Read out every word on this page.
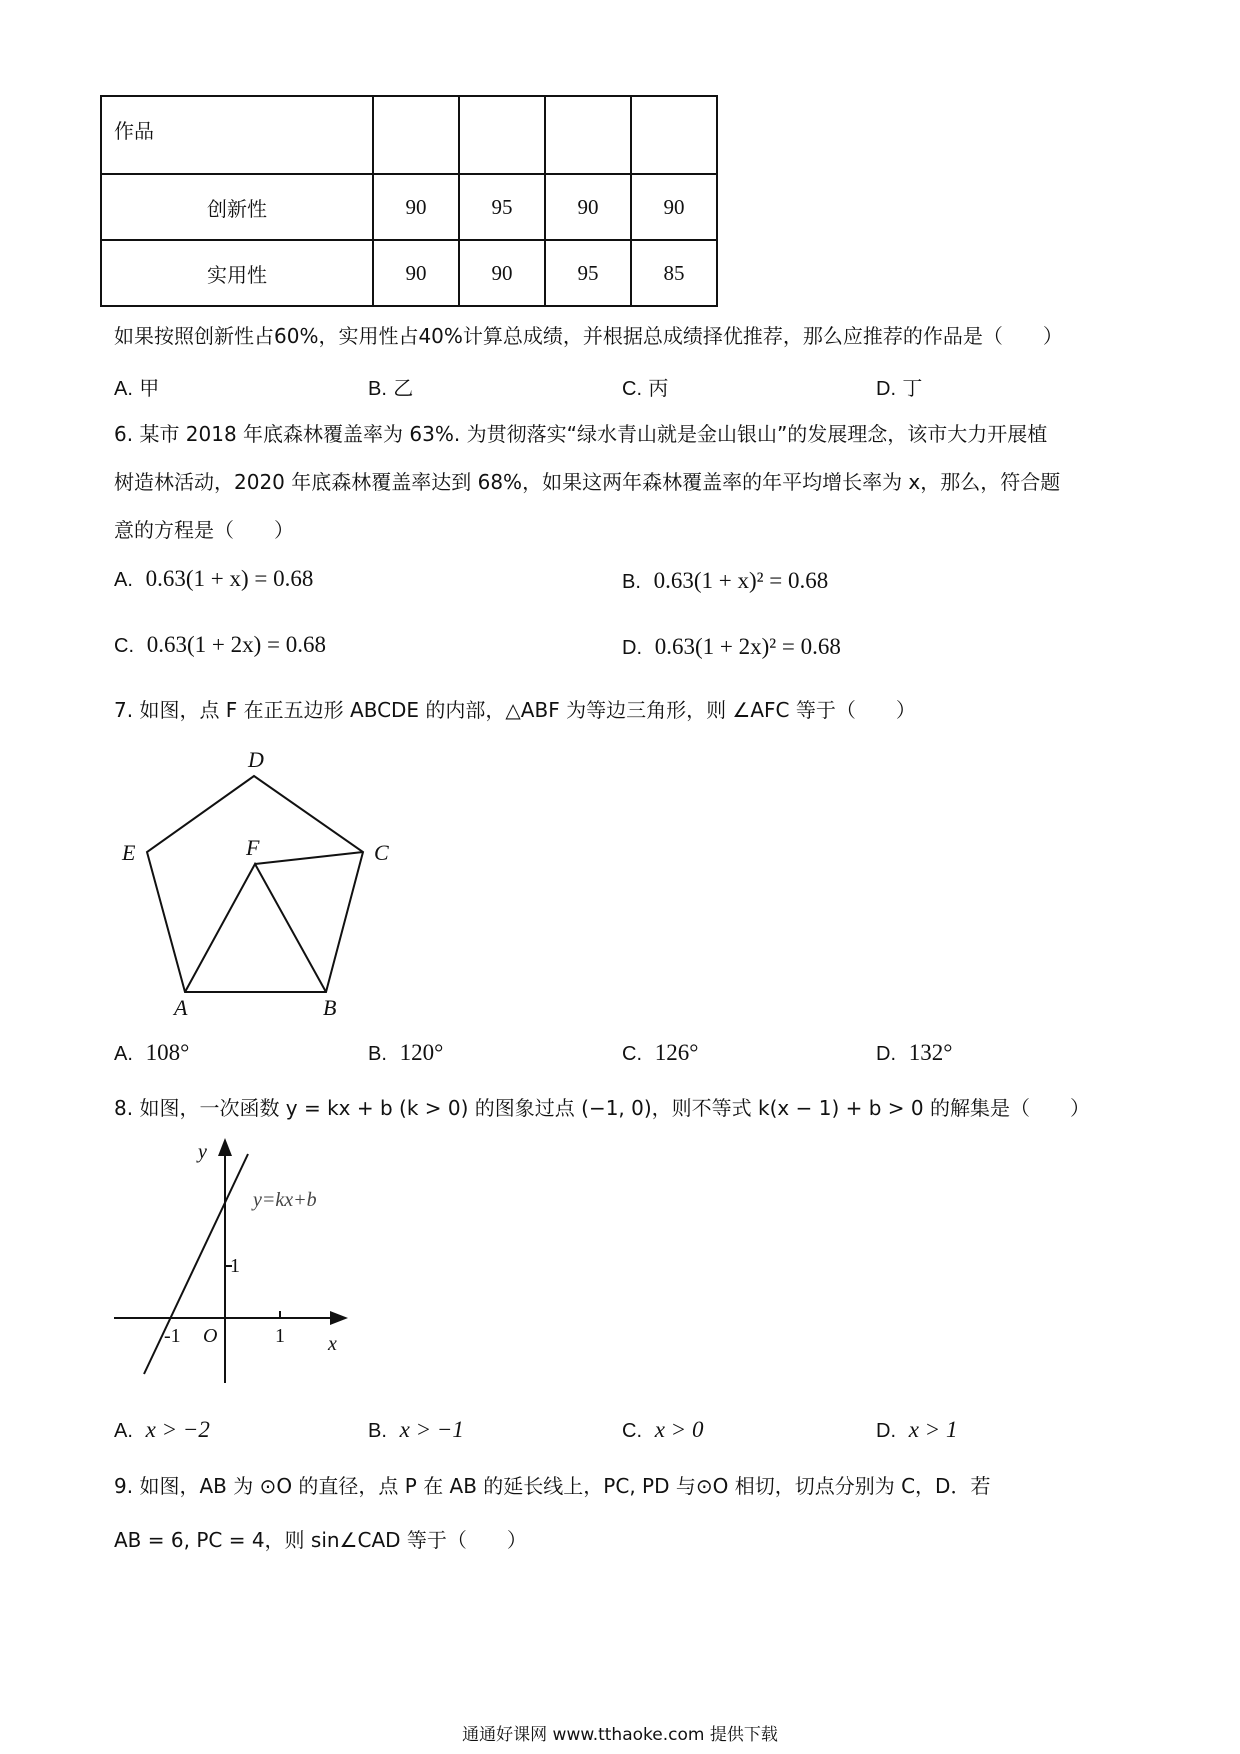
作品				
创新性	90	95	90	90
实用性	90	90	95	85
如果按照创新性占60%，实用性占40%计算总成绩，并根据总成绩择优推荐，那么应推荐的作品是（　　）
A. 甲	B. 乙	C. 丙	D. 丁
6. 某市 2018 年底森林覆盖率为 63%. 为贯彻落实“绿水青山就是金山银山”的发展理念，该市大力开展植
树造林活动，2020 年底森林覆盖率达到 68%，如果这两年森林覆盖率的年平均增长率为 x，那么，符合题
意的方程是（　　）
A. 0.63(1 + x) = 0.68	B. 0.63(1 + x)² = 0.68
C. 0.63(1 + 2x) = 0.68	D. 0.63(1 + 2x)² = 0.68
7. 如图，点 F 在正五边形 ABCDE 的内部，△ABF 为等边三角形，则 ∠AFC 等于（　　）
A	B
C
D
E	F
A. 108°	B. 120°	C. 126°	D. 132°
8. 如图，一次函数 y = kx + b (k > 0) 的图象过点 (−1, 0)，则不等式 k(x − 1) + b > 0 的解集是（　　）
y
x
y=kx+b
1
1
-1 O
A. x > −2	B. x > −1	C. x > 0	D. x > 1
9. 如图，AB 为 ⊙O 的直径，点 P 在 AB 的延长线上，PC, PD 与⊙O 相切，切点分别为 C，D．若
AB = 6, PC = 4，则 sin∠CAD 等于（　　）
通通好课网 www.tthaoke.com 提供下载
